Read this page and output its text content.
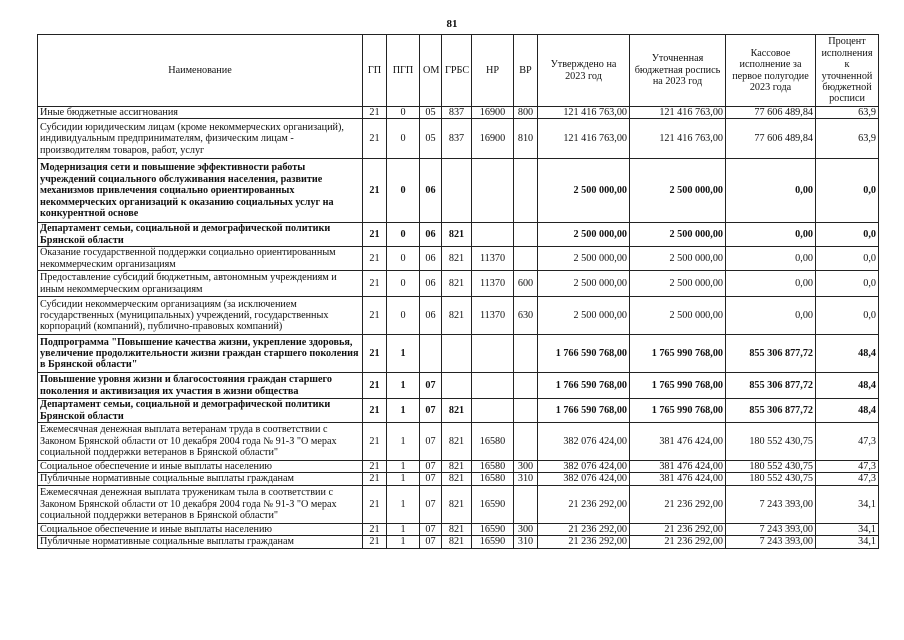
81
Наименование	ГП	ПГП	ОМ	ГРБС	НР	ВР	Утверждено на 2023 год	Уточненная бюджетная роспись на 2023 год	Кассовое исполнение за первое полугодие 2023 года	Процент исполнения к уточненной бюджетной росписи
Иные бюджетные ассигнования	21	0	05	837	16900	800	121 416 763,00	121 416 763,00	77 606 489,84	63,9
Субсидии юридическим лицам (кроме некоммерческих организаций), индивидуальным предпринимателям, физическим лицам - производителям товаров, работ, услуг	21	0	05	837	16900	810	121 416 763,00	121 416 763,00	77 606 489,84	63,9
Модернизация сети и повышение эффективности работы учреждений социального обслуживания населения, развитие механизмов привлечения социально ориентированных некоммерческих организаций к оказанию социальных услуг на конкурентной основе	21	0	06				2 500 000,00	2 500 000,00	0,00	0,0
Департамент семьи, социальной и демографической политики Брянской области	21	0	06	821			2 500 000,00	2 500 000,00	0,00	0,0
Оказание государственной поддержки социально ориентированным некоммерческим организациям	21	0	06	821	11370		2 500 000,00	2 500 000,00	0,00	0,0
Предоставление субсидий бюджетным, автономным учреждениям и иным некоммерческим организациям	21	0	06	821	11370	600	2 500 000,00	2 500 000,00	0,00	0,0
Субсидии некоммерческим организациям (за исключением государственных (муниципальных) учреждений, государственных корпораций (компаний), публично-правовых компаний)	21	0	06	821	11370	630	2 500 000,00	2 500 000,00	0,00	0,0
Подпрограмма "Повышение качества жизни, укрепление здоровья, увеличение продолжительности жизни граждан старшего поколения в Брянской области"	21	1					1 766 590 768,00	1 765 990 768,00	855 306 877,72	48,4
Повышение уровня жизни и благосостояния граждан старшего поколения и активизация их участия в жизни общества	21	1	07				1 766 590 768,00	1 765 990 768,00	855 306 877,72	48,4
Департамент семьи, социальной и демографической политики Брянской области	21	1	07	821			1 766 590 768,00	1 765 990 768,00	855 306 877,72	48,4
Ежемесячная денежная выплата ветеранам труда в соответствии с Законом Брянской области от 10 декабря 2004 года № 91-З "О мерах социальной поддержки ветеранов в Брянской области"	21	1	07	821	16580		382 076 424,00	381 476 424,00	180 552 430,75	47,3
Социальное обеспечение и иные выплаты населению	21	1	07	821	16580	300	382 076 424,00	381 476 424,00	180 552 430,75	47,3
Публичные нормативные социальные выплаты гражданам	21	1	07	821	16580	310	382 076 424,00	381 476 424,00	180 552 430,75	47,3
Ежемесячная денежная выплата труженикам тыла в соответствии с Законом Брянской области от 10 декабря 2004 года № 91-З "О мерах социальной поддержки ветеранов в Брянской области"	21	1	07	821	16590		21 236 292,00	21 236 292,00	7 243 393,00	34,1
Социальное обеспечение и иные выплаты населению	21	1	07	821	16590	300	21 236 292,00	21 236 292,00	7 243 393,00	34,1
Публичные нормативные социальные выплаты гражданам	21	1	07	821	16590	310	21 236 292,00	21 236 292,00	7 243 393,00	34,1
